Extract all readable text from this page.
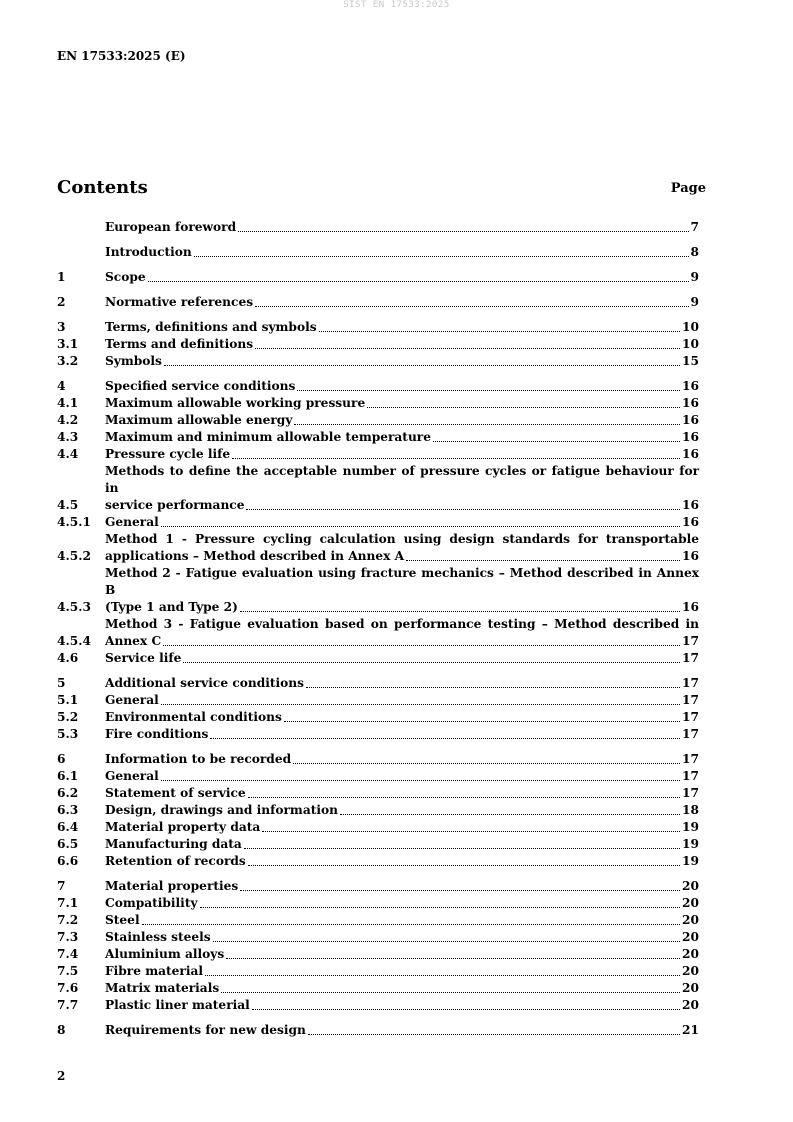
SIST EN 17533:2025
EN 17533:2025 (E)
Contents	Page
European foreword	7
Introduction	8
1	Scope	9
2	Normative references	9
3	Terms, definitions and symbols	10
3.1	Terms and definitions	10
3.2	Symbols	15
4	Specified service conditions	16
4.1	Maximum allowable working pressure	16
4.2	Maximum allowable energy	16
4.3	Maximum and minimum allowable temperature	16
4.4	Pressure cycle life	16
4.5
Methods to define the acceptable number of pressure cycles or fatigue behaviour for in
service performance	16
4.5.1	General	16
4.5.2
Method 1 - Pressure cycling calculation using design standards for transportable
applications – Method described in Annex A	16
4.5.3
Method 2 - Fatigue evaluation using fracture mechanics – Method described in Annex B
(Type 1 and Type 2)	16
4.5.4
Method 3 - Fatigue evaluation based on performance testing – Method described in
Annex C	17
4.6	Service life	17
5	Additional service conditions	17
5.1	General	17
5.2	Environmental conditions	17
5.3	Fire conditions	17
6	Information to be recorded	17
6.1	General	17
6.2	Statement of service	17
6.3	Design, drawings and information	18
6.4	Material property data	19
6.5	Manufacturing data	19
6.6	Retention of records	19
7	Material properties	20
7.1	Compatibility	20
7.2	Steel	20
7.3	Stainless steels	20
7.4	Aluminium alloys	20
7.5	Fibre material	20
7.6	Matrix materials	20
7.7	Plastic liner material	20
8	Requirements for new design	21
2
